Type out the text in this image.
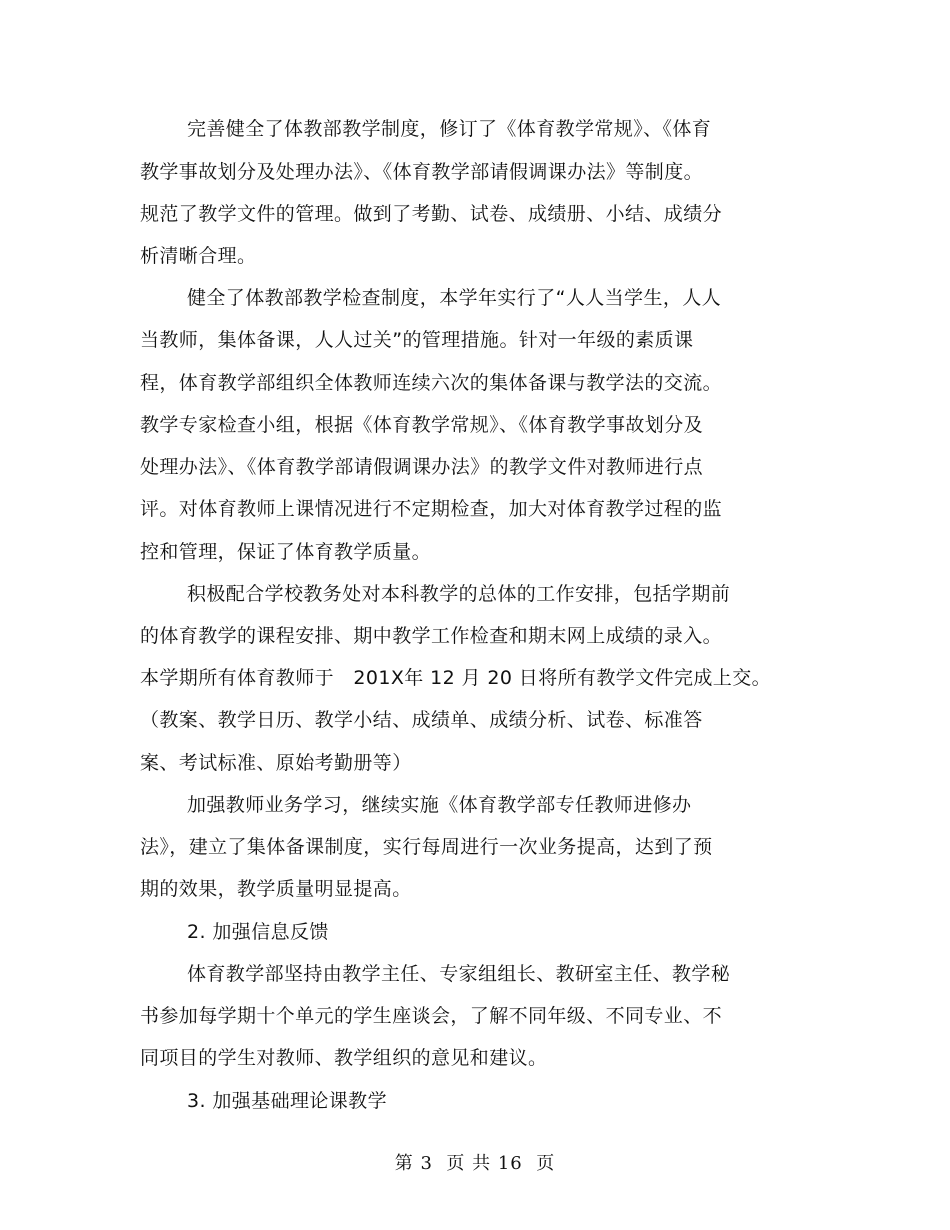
完善健全了体教部教学制度，修订了《体育教学常规》、《体育
教学事故划分及处理办法》、《体育教学部请假调课办法》等制度。
规范了教学文件的管理。做到了考勤、试卷、成绩册、小结、成绩分
析清晰合理。
健全了体教部教学检查制度，本学年实行了“人人当学生，人人
当教师，集体备课，人人过关”的管理措施。针对一年级的素质课
程，体育教学部组织全体教师连续六次的集体备课与教学法的交流。
教学专家检查小组，根据《体育教学常规》、《体育教学事故划分及
处理办法》、《体育教学部请假调课办法》的教学文件对教师进行点
评。对体育教师上课情况进行不定期检查，加大对体育教学过程的监
控和管理，保证了体育教学质量。
积极配合学校教务处对本科教学的总体的工作安排，包括学期前
的体育教学的课程安排、期中教学工作检查和期末网上成绩的录入。
本学期所有体育教师于　201X年 12 月 20 日将所有教学文件完成上交。
（教案、教学日历、教学小结、成绩单、成绩分析、试卷、标准答
案、考试标准、原始考勤册等）
加强教师业务学习，继续实施《体育教学部专任教师进修办
法》，建立了集体备课制度，实行每周进行一次业务提高，达到了预
期的效果，教学质量明显提高。
2. 加强信息反馈
体育教学部坚持由教学主任、专家组组长、教研室主任、教学秘
书参加每学期十个单元的学生座谈会，了解不同年级、不同专业、不
同项目的学生对教师、教学组织的意见和建议。
3. 加强基础理论课教学
第 3  页 共 16  页
